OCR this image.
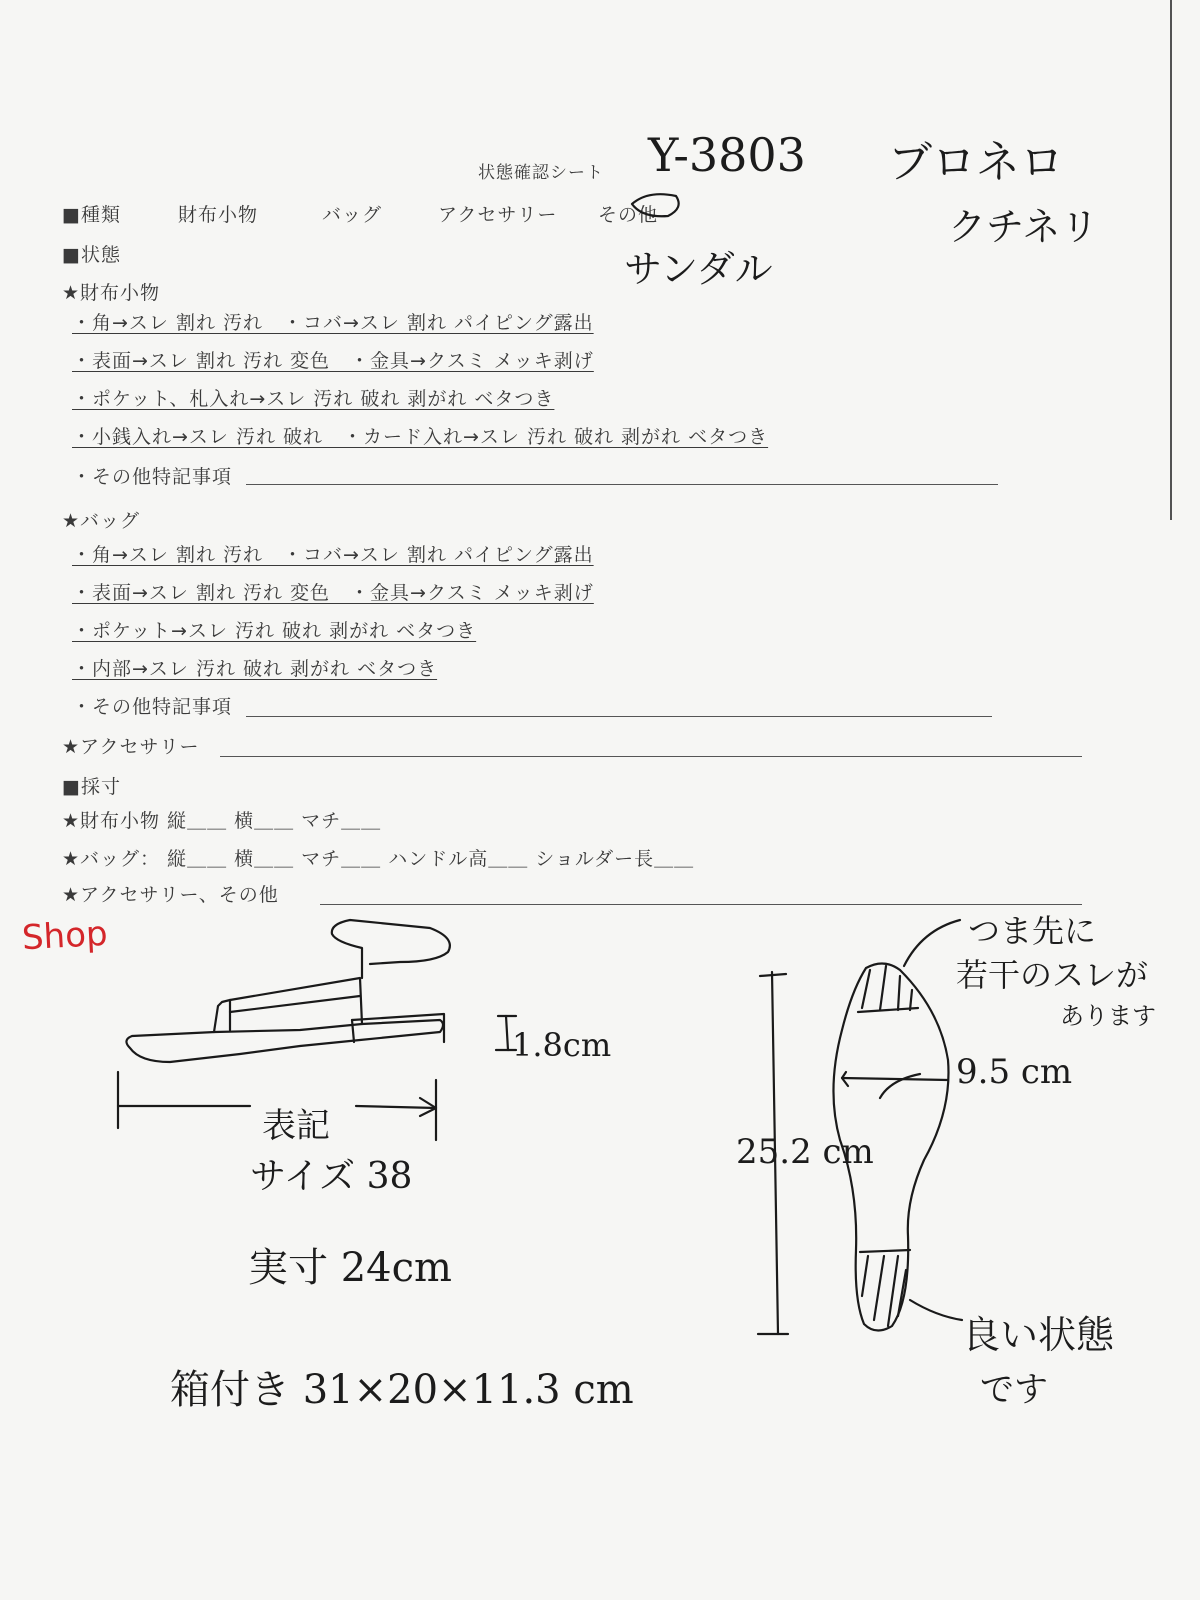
状態確認シート
■種類	財布小物	バッグ	アクセサリー その他
■状態
★財布小物
・角→スレ 割れ 汚れ　・コバ→スレ 割れ パイピング露出
・表面→スレ 割れ 汚れ 変色　・金具→クスミ メッキ剥げ
・ポケット、札入れ→スレ 汚れ 破れ 剥がれ ベタつき
・小銭入れ→スレ 汚れ 破れ　・カード入れ→スレ 汚れ 破れ 剥がれ ベタつき
・その他特記事項
★バッグ
・角→スレ 割れ 汚れ　・コバ→スレ 割れ パイピング露出
・表面→スレ 割れ 汚れ 変色　・金具→クスミ メッキ剥げ
・ポケット→スレ 汚れ 破れ 剥がれ ベタつき
・内部→スレ 汚れ 破れ 剥がれ ベタつき
・その他特記事項
★アクセサリー
■採寸
★財布小物 縦＿＿ 横＿＿ マチ＿＿
★バッグ： 縦＿＿ 横＿＿ マチ＿＿ ハンドル高＿＿ ショルダー長＿＿
★アクセサリー、その他
Y-3803 ブロネロ
クチネリ
サンダル
Shop
1.8cm
表記
サイズ 38
実寸 24cm
箱付き 31×20×11.3 cm
25.2 cm
9.5 cm
つま先に
若干のスレが
あります
良い状態
です
